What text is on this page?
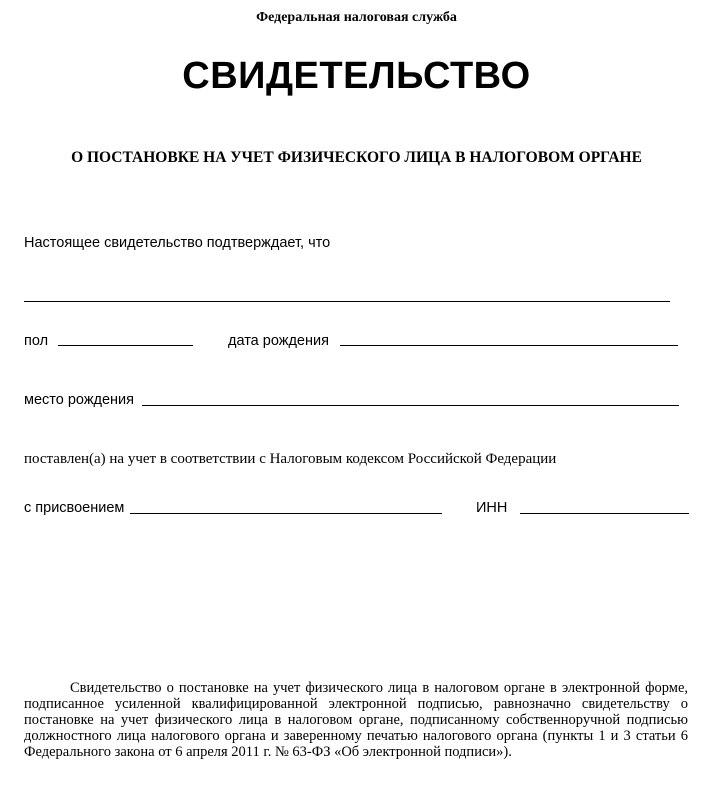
Федеральная налоговая служба
СВИДЕТЕЛЬСТВО
О ПОСТАНОВКЕ НА УЧЕТ ФИЗИЧЕСКОГО ЛИЦА В НАЛОГОВОМ ОРГАНЕ
Настоящее свидетельство подтверждает, что
пол	дата рождения
место рождения
поставлен(а) на учет в соответствии с Налоговым кодексом Российской Федерации
с присвоением	ИНН
Свидетельство о постановке на учет физического лица в налоговом органе в электронной форме, подписанное усиленной квалифицированной электронной подписью, равнозначно свидетельству о постановке на учет физического лица в налоговом органе, подписанному собственноручной подписью должностного лица налогового органа и заверенному печатью налогового органа (пункты 1 и 3 статьи 6 Федерального закона от 6 апреля 2011 г. № 63-ФЗ «Об электронной подписи»).
